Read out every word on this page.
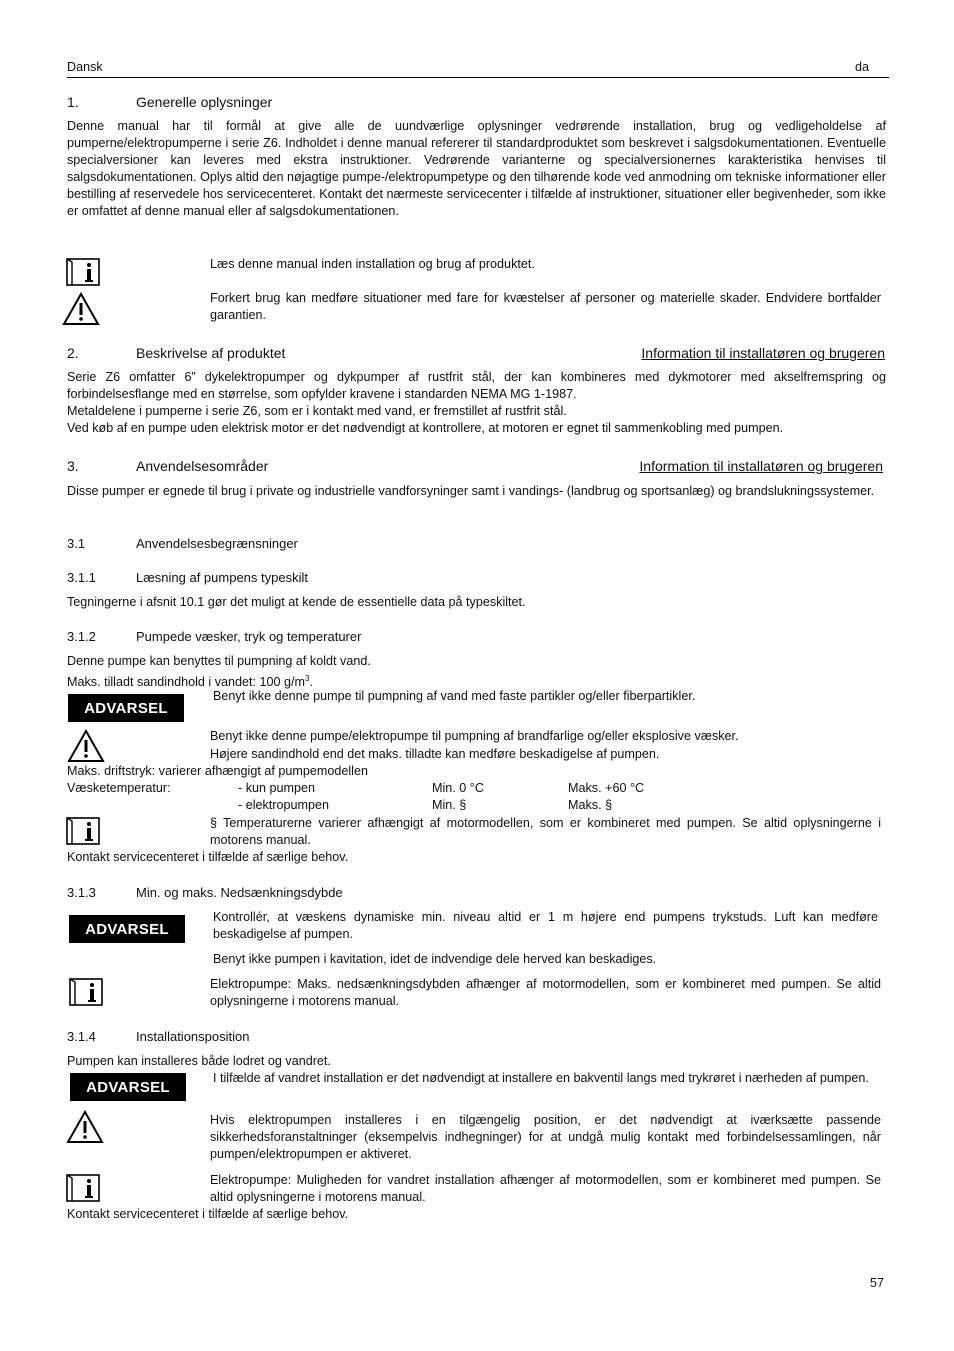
Dansk	da
1.	Generelle oplysninger
Denne manual har til formål at give alle de uundværlige oplysninger vedrørende installation, brug og vedligeholdelse af pumperne/elektropumperne i serie Z6. Indholdet i denne manual refererer til standardproduktet som beskrevet i salgsdokumentationen. Eventuelle specialversioner kan leveres med ekstra instruktioner. Vedrørende varianterne og specialversionernes karakteristika henvises til salgsdokumentationen. Oplys altid den nøjagtige pumpe-/elektropumpetype og den tilhørende kode ved anmodning om tekniske informationer eller bestilling af reservedele hos servicecenteret. Kontakt det nærmeste servicecenter i tilfælde af instruktioner, situationer eller begivenheder, som ikke er omfattet af denne manual eller af salgsdokumentationen.
Læs denne manual inden installation og brug af produktet.
Forkert brug kan medføre situationer med fare for kvæstelser af personer og materielle skader. Endvidere bortfalder garantien.
2.	Beskrivelse af produktet	Information til installatøren og brugeren
Serie Z6 omfatter 6” dykelektropumper og dykpumper af rustfrit stål, der kan kombineres med dykmotorer med akselfremspring og forbindelsesflange med en størrelse, som opfylder kravene i standarden NEMA MG 1-1987.
Metaldelene i pumperne i serie Z6, som er i kontakt med vand, er fremstillet af rustfrit stål.
Ved køb af en pumpe uden elektrisk motor er det nødvendigt at kontrollere, at motoren er egnet til sammenkobling med pumpen.
3.	Anvendelsesområder	Information til installatøren og brugeren
Disse pumper er egnede til brug i private og industrielle vandforsyninger samt i vandings- (landbrug og sportsanlæg) og brandslukningssystemer.
3.1	Anvendelsesbegrænsninger
3.1.1	Læsning af pumpens typeskilt
Tegningerne i afsnit 10.1 gør det muligt at kende de essentielle data på typeskiltet.
3.1.2	Pumpede væsker, tryk og temperaturer
Denne pumpe kan benyttes til pumpning af koldt vand.
Maks. tilladt sandindhold i vandet: 100 $g/m^3$.
ADVARSEL
Benyt ikke denne pumpe til pumpning af vand med faste partikler og/eller fiberpartikler.
Benyt ikke denne pumpe/elektropumpe til pumpning af brandfarlige og/eller eksplosive væsker.
Højere sandindhold end det maks. tilladte kan medføre beskadigelse af pumpen.
Maks. driftstryk: varierer afhængigt af pumpemodellen
Væsketemperatur:	- kun pumpen	Min. 0 °C	Maks. +60 °C
- elektropumpen	Min. §	Maks. §
§ Temperaturerne varierer afhængigt af motormodellen, som er kombineret med pumpen. Se altid oplysningerne i motorens manual.
Kontakt servicecenteret i tilfælde af særlige behov.
3.1.3	Min. og maks. Nedsænkningsdybde
ADVARSEL
Kontrollér, at væskens dynamiske min. niveau altid er 1 m højere end pumpens trykstuds. Luft kan medføre beskadigelse af pumpen.
Benyt ikke pumpen i kavitation, idet de indvendige dele herved kan beskadiges.
Elektropumpe: Maks. nedsænkningsdybden afhænger af motormodellen, som er kombineret med pumpen. Se altid oplysningerne i motorens manual.
3.1.4	Installationsposition
Pumpen kan installeres både lodret og vandret.
ADVARSEL
I tilfælde af vandret installation er det nødvendigt at installere en bakventil langs med trykrøret i nærheden af pumpen.
Hvis elektropumpen installeres i en tilgængelig position, er det nødvendigt at iværksætte passende sikkerhedsforanstaltninger (eksempelvis indhegninger) for at undgå mulig kontakt med forbindelsessamlingen, når pumpen/elektropumpen er aktiveret.
Elektropumpe: Muligheden for vandret installation afhænger af motormodellen, som er kombineret med pumpen. Se altid oplysningerne i motorens manual.
Kontakt servicecenteret i tilfælde af særlige behov.
57
